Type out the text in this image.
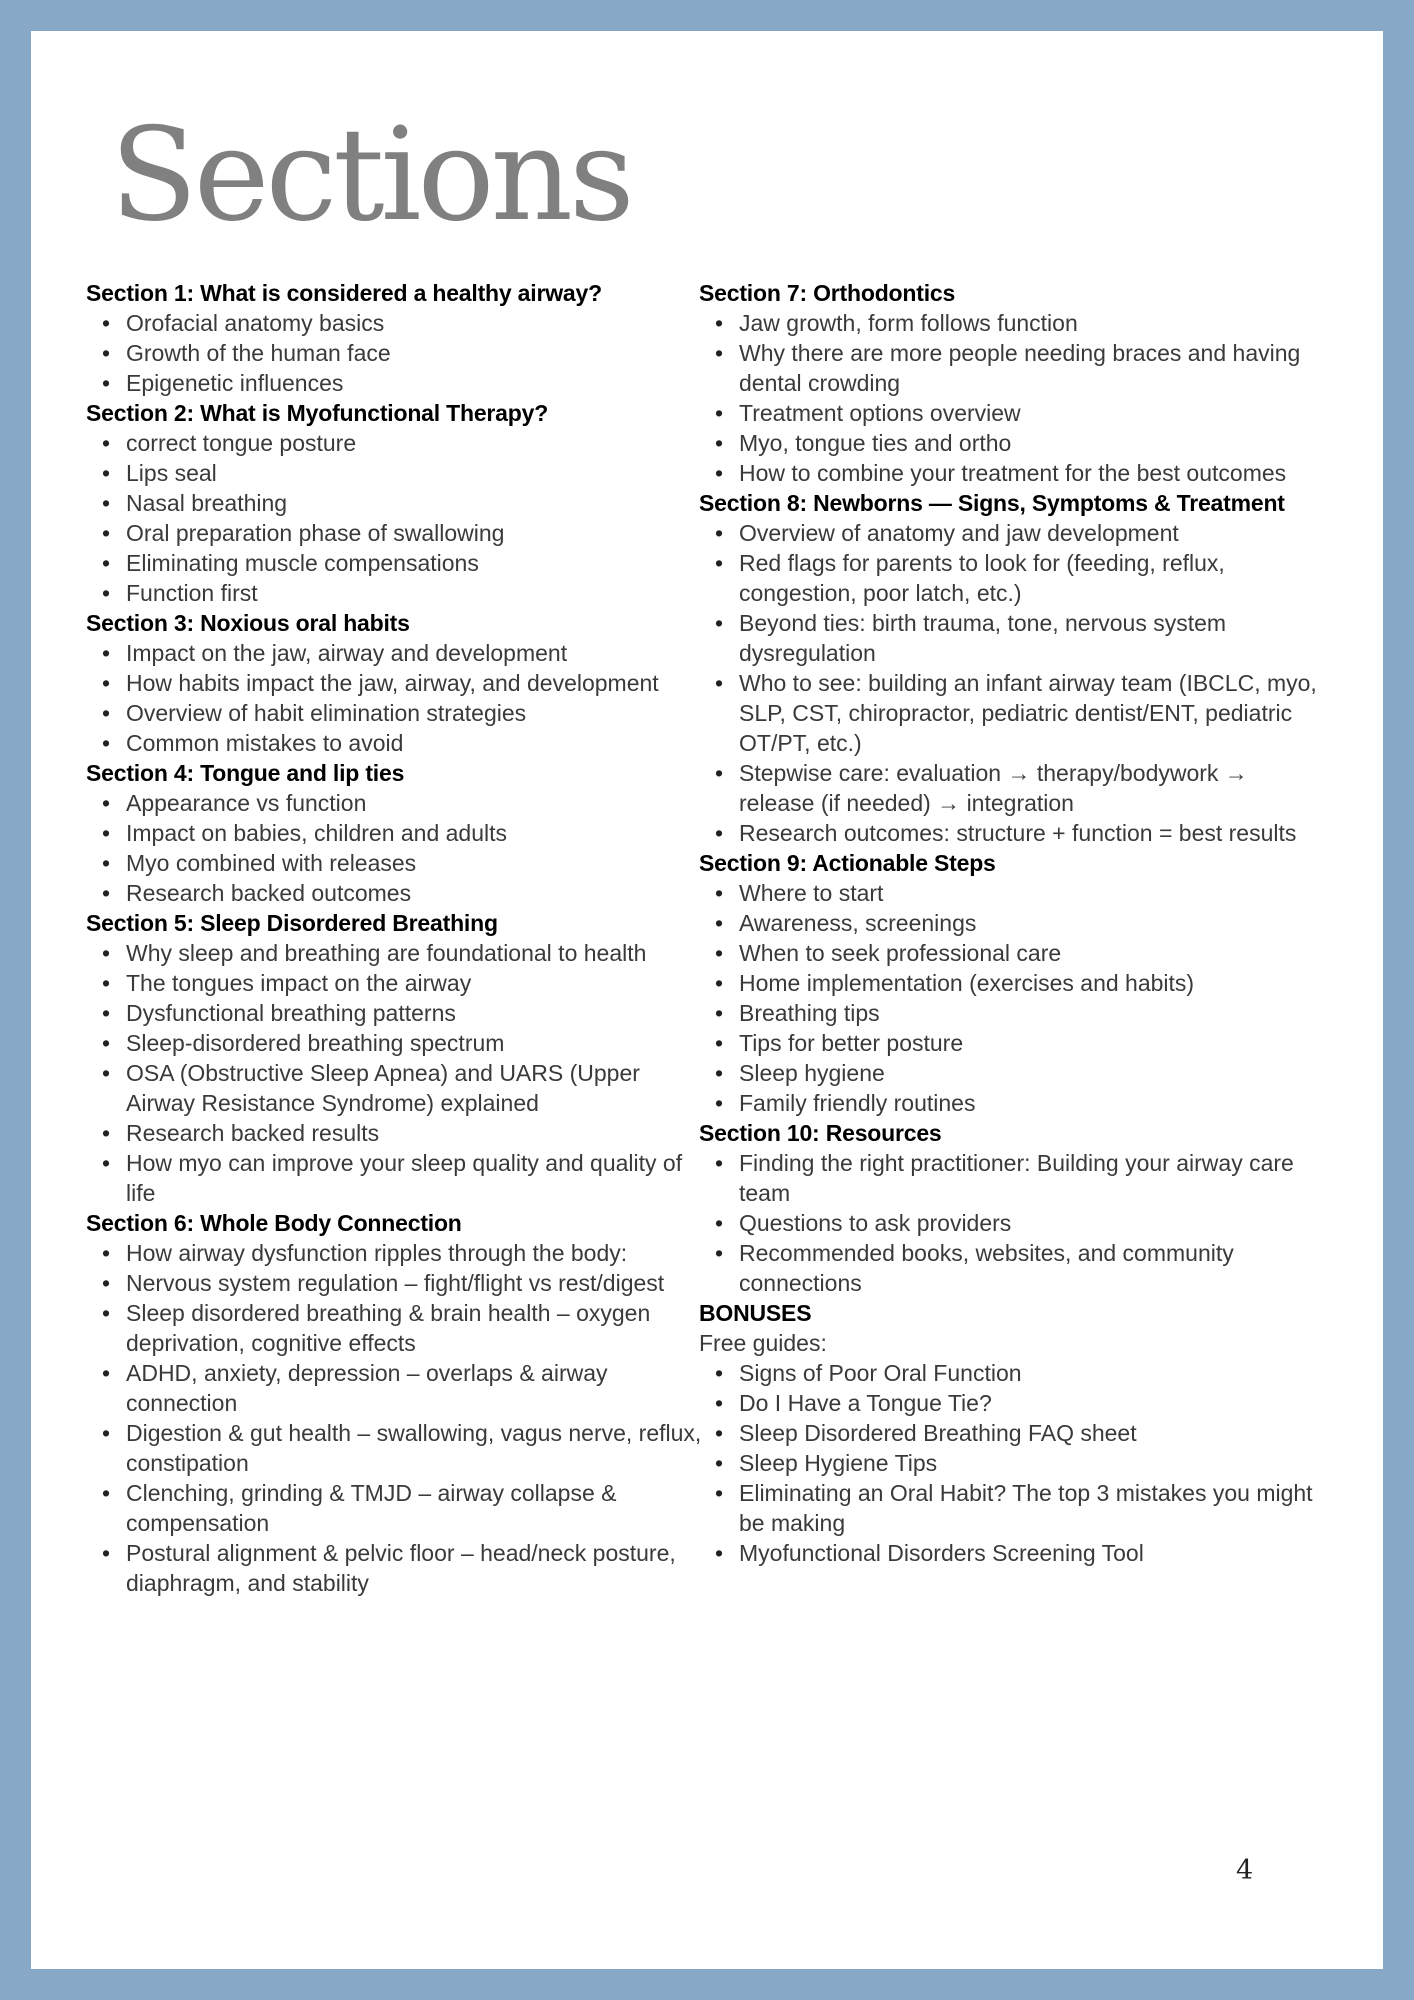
Sections

Section 1: What is considered a healthy airway?

• Orofacial anatomy basics
• Growth of the human face
• Epigenetic influences

Section 2: What is Myofunctional Therapy?

• correct tongue posture
• Lips seal
• Nasal breathing
• Oral preparation phase of swallowing
• Eliminating muscle compensations
• Function first

Section 3: Noxious oral habits

• Impact on the jaw, airway and development
• How habits impact the jaw, airway, and development
• Overview of habit elimination strategies
• Common mistakes to avoid

Section 4: Tongue and lip ties

• Appearance vs function
• Impact on babies, children and adults
• Myo combined with releases
• Research backed outcomes

Section 5: Sleep Disordered Breathing

• Why sleep and breathing are foundational to health
• The tongues impact on the airway
• Dysfunctional breathing patterns
• Sleep-disordered breathing spectrum
• OSA (Obstructive Sleep Apnea) and UARS (Upper Airway Resistance Syndrome) explained
• Research backed results
• How myo can improve your sleep quality and quality of life

Section 6: Whole Body Connection

• How airway dysfunction ripples through the body:
• Nervous system regulation – fight/flight vs rest/digest
• Sleep disordered breathing & brain health – oxygen deprivation, cognitive effects
• ADHD, anxiety, depression – overlaps & airway connection
• Digestion & gut health – swallowing, vagus nerve, reflux, constipation
• Clenching, grinding & TMJD – airway collapse & compensation
• Postural alignment & pelvic floor – head/neck posture, diaphragm, and stability

Section 7: Orthodontics

• Jaw growth, form follows function
• Why there are more people needing braces and having dental crowding
• Treatment options overview
• Myo, tongue ties and ortho
• How to combine your treatment for the best outcomes

Section 8: Newborns — Signs, Symptoms & Treatment

• Overview of anatomy and jaw development
• Red flags for parents to look for (feeding, reflux, congestion, poor latch, etc.)
• Beyond ties: birth trauma, tone, nervous system dysregulation
• Who to see: building an infant airway team (IBCLC, myo, SLP, CST, chiropractor, pediatric dentist/ENT, pediatric OT/PT, etc.)
• Stepwise care: evaluation → therapy/bodywork → release (if needed) → integration
• Research outcomes: structure + function = best results

Section 9: Actionable Steps

• Where to start
• Awareness, screenings
• When to seek professional care
• Home implementation (exercises and habits)
• Breathing tips
• Tips for better posture
• Sleep hygiene
• Family friendly routines

Section 10: Resources

• Finding the right practitioner: Building your airway care team
• Questions to ask providers
• Recommended books, websites, and community connections

BONUSES

Free guides:

• Signs of Poor Oral Function
• Do I Have a Tongue Tie?
• Sleep Disordered Breathing FAQ sheet
• Sleep Hygiene Tips
• Eliminating an Oral Habit? The top 3 mistakes you might be making
• Myofunctional Disorders Screening Tool
4
